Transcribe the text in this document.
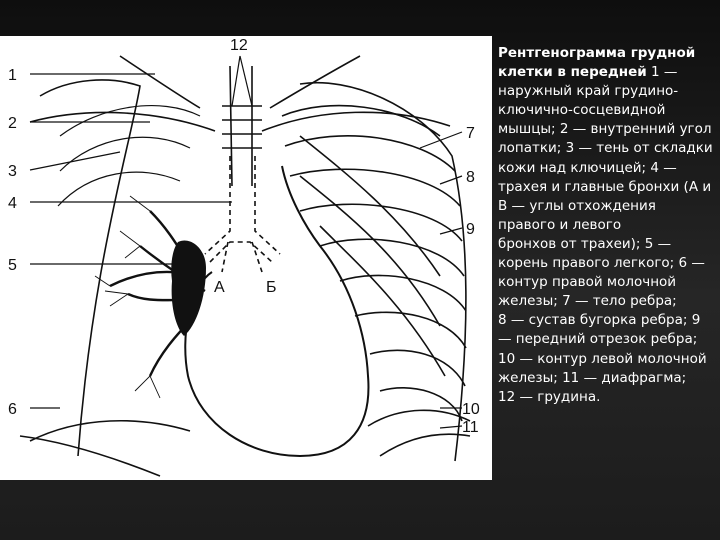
1
2
3
4
5
6
7
8
9
10
11
12
А	Б
Рентгенограмма грудной клетки в передней 1 — наружный край грудино-ключично-сосцевидной мышцы; 2 — внутренний угол лопатки; 3 — тень от складки кожи над ключицей; 4 — трахея и главные бронхи (А и В — углы отхождения правого и левого
бронхов от трахеи); 5 — корень правого легкого; 6 — контур правой молочной железы; 7 — тело ребра;
8 — сустав бугорка ребра; 9 — передний отрезок ребра; 10 — контур левой молочной железы; 11 — диафрагма;
12 — грудина.
